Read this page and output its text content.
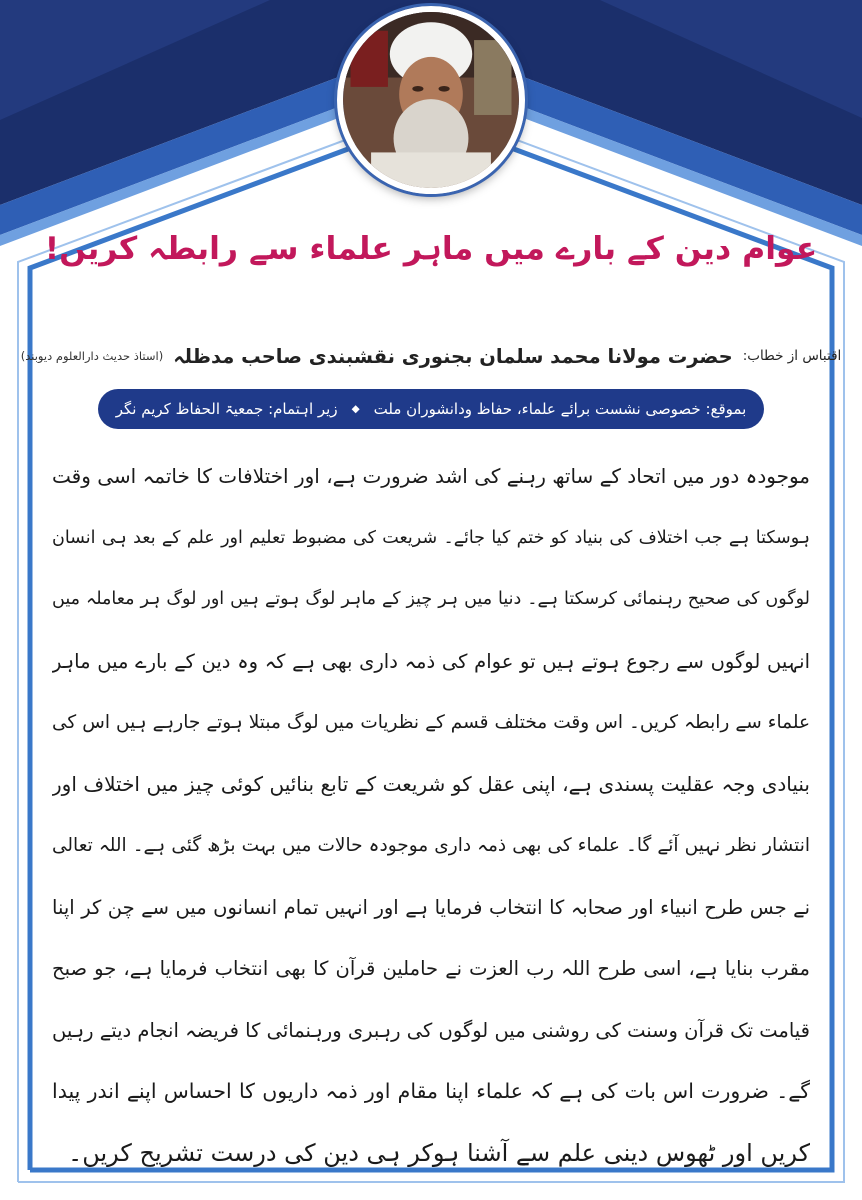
عوام دین کے بارے میں ماہر علماء سے رابطہ کریں!
اقتباس از خطاب:
حضرت مولانا محمد سلمان بجنوری نقشبندی صاحب مدظلہ
(استاذ حدیث دارالعلوم دیوبند)
بموقع: خصوصی نشست برائے علماء، حفاظ ودانشوران ملت
◆
زیر اہتمام: جمعیۃ الحفاظ کریم نگر
موجودہ دور میں اتحاد کے ساتھ رہنے کی اشد ضرورت ہے، اور اختلافات کا خاتمہ اسی وقت
ہوسکتا ہے جب اختلاف کی بنیاد کو ختم کیا جائے۔ شریعت کی مضبوط تعلیم اور علم کے بعد ہی انسان
لوگوں کی صحیح رہنمائی کرسکتا ہے۔ دنیا میں ہر چیز کے ماہر لوگ ہوتے ہیں اور لوگ ہر معاملہ میں
انہیں لوگوں سے رجوع ہوتے ہیں تو عوام کی ذمہ داری بھی ہے کہ وہ دین کے بارے میں ماہر
علماء سے رابطہ کریں۔ اس وقت مختلف قسم کے نظریات میں لوگ مبتلا ہوتے جارہے ہیں اس کی
بنیادی وجہ عقلیت پسندی ہے، اپنی عقل کو شریعت کے تابع بنائیں کوئی چیز میں اختلاف اور
انتشار نظر نہیں آئے گا۔ علماء کی بھی ذمہ داری موجودہ حالات میں بہت بڑھ گئی ہے۔ اللہ تعالی
نے جس طرح انبیاء اور صحابہ کا انتخاب فرمایا ہے اور انہیں تمام انسانوں میں سے چن کر اپنا
مقرب بنایا ہے، اسی طرح اللہ رب العزت نے حاملین قرآن کا بھی انتخاب فرمایا ہے، جو صبح
قیامت تک قرآن وسنت کی روشنی میں لوگوں کی رہبری ورہنمائی کا فریضہ انجام دیتے رہیں
گے۔ ضرورت اس بات کی ہے کہ علماء اپنا مقام اور ذمہ داریوں کا احساس اپنے اندر پیدا
کریں اور ٹھوس دینی علم سے آشنا ہوکر ہی دین کی درست تشریح کریں۔
